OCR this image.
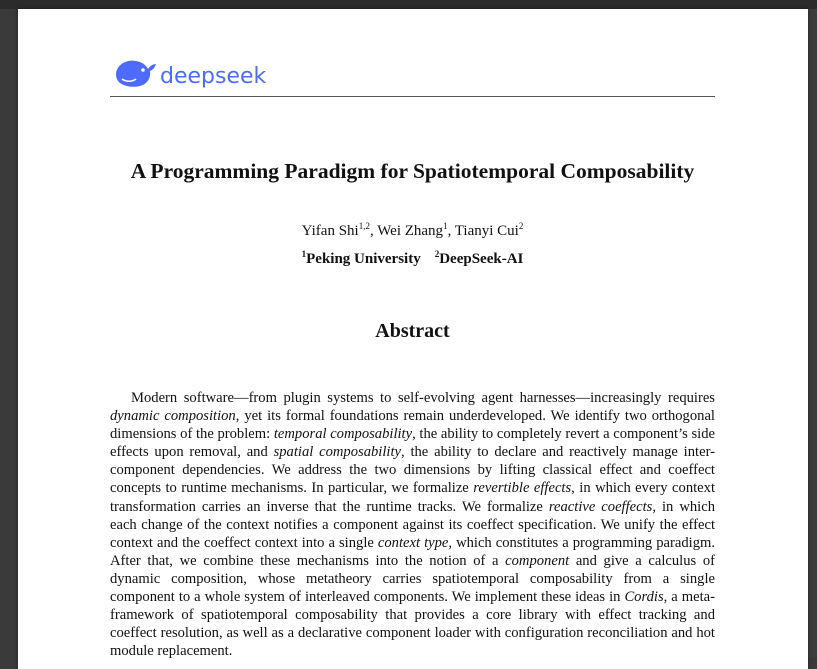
deepseek
A Programming Paradigm for Spatiotemporal Composability
Yifan Shi$^{1,2}$, Wei Zhang$^1$, Tianyi Cui$^2$
$^1$Peking University $^2$DeepSeek-AI
Abstract
Modern software—from plugin systems to self-evolving agent harnesses—increasingly requires dynamic composition, yet its formal foundations remain underdeveloped. We identify two orthogonal dimensions of the problem: temporal composability, the ability to completely revert a component’s side effects upon removal, and spatial composability, the ability to declare and reactively manage inter-component dependencies. We address the two dimensions by lifting classical effect and coeffect concepts to runtime mechanisms. In particular, we formalize revertible effects, in which every context transformation carries an inverse that the runtime tracks. We formalize reactive coeffects, in which each change of the context notifies a component against its coeffect specification. We unify the effect context and the coeffect context into a single context type, which constitutes a programming paradigm. After that, we combine these mechanisms into the notion of a component and give a calculus of dynamic composition, whose metatheory carries spatiotemporal composability from a single component to a whole system of interleaved components. We implement these ideas in Cordis, a meta-framework of spatiotemporal composability that provides a core library with effect tracking and coeffect resolution, as well as a declarative component loader with configuration reconciliation and hot module replacement.
